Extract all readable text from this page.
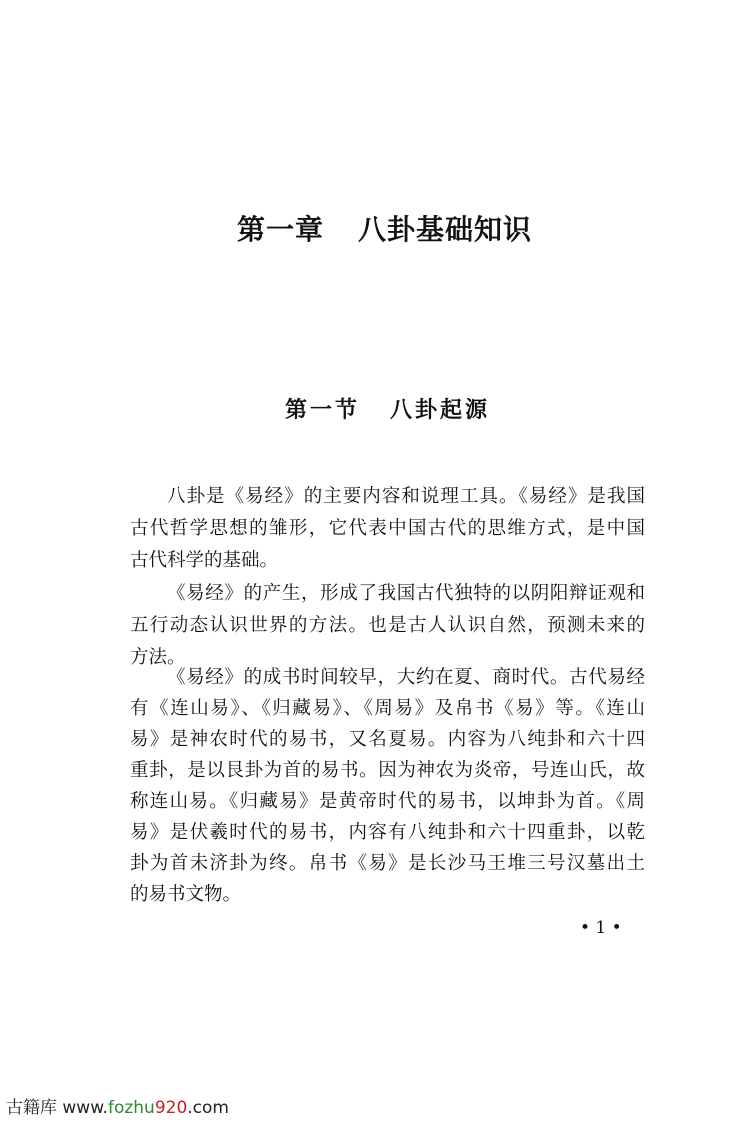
第一章 八卦基础知识
第一节 八卦起源
八卦是《易经》的主要内容和说理工具。《易经》是我国
古代哲学思想的雏形，它代表中国古代的思维方式，是中国
古代科学的基础。
《易经》的产生，形成了我国古代独特的以阴阳辩证观和
五行动态认识世界的方法。也是古人认识自然，预测未来的
方法。
《易经》的成书时间较早，大约在夏、商时代。古代易经
有《连山易》、《归藏易》、《周易》及帛书《易》等。《连山
易》是神农时代的易书，又名夏易。内容为八纯卦和六十四
重卦，是以艮卦为首的易书。因为神农为炎帝，号连山氏，故
称连山易。《归藏易》是黄帝时代的易书，以坤卦为首。《周
易》是伏羲时代的易书，内容有八纯卦和六十四重卦，以乾
卦为首未济卦为终。帛书《易》是长沙马王堆三号汉墓出土
的易书文物。
• 1 •
古籍库 www.fozhu920.com
